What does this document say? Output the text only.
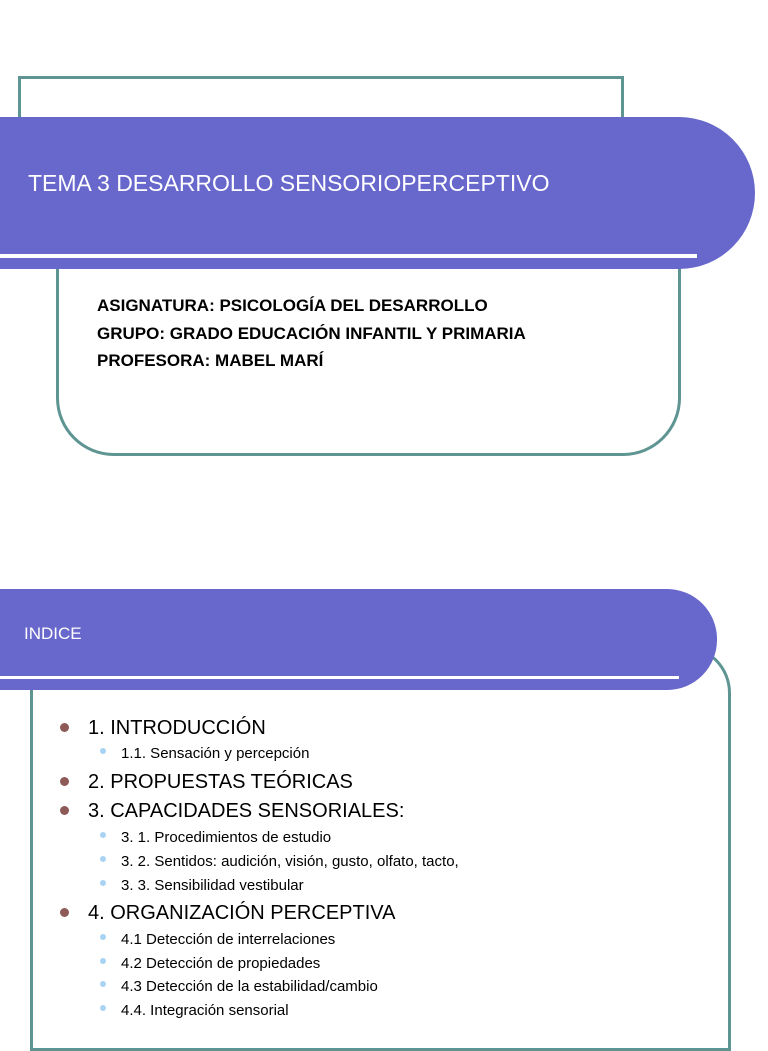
TEMA 3 DESARROLLO SENSORIOPERCEPTIVO
ASIGNATURA: PSICOLOGÍA DEL DESARROLLO
GRUPO: GRADO EDUCACIÓN INFANTIL Y PRIMARIA
PROFESORA: MABEL MARÍ
INDICE
1. INTRODUCCIÓN
1.1. Sensación y percepción
2. PROPUESTAS TEÓRICAS
3. CAPACIDADES SENSORIALES:
3. 1. Procedimientos de estudio
3. 2. Sentidos: audición, visión, gusto, olfato, tacto,
3. 3. Sensibilidad vestibular
4. ORGANIZACIÓN PERCEPTIVA
4.1 Detección de interrelaciones
4.2 Detección de propiedades
4.3 Detección de la estabilidad/cambio
4.4. Integración sensorial
